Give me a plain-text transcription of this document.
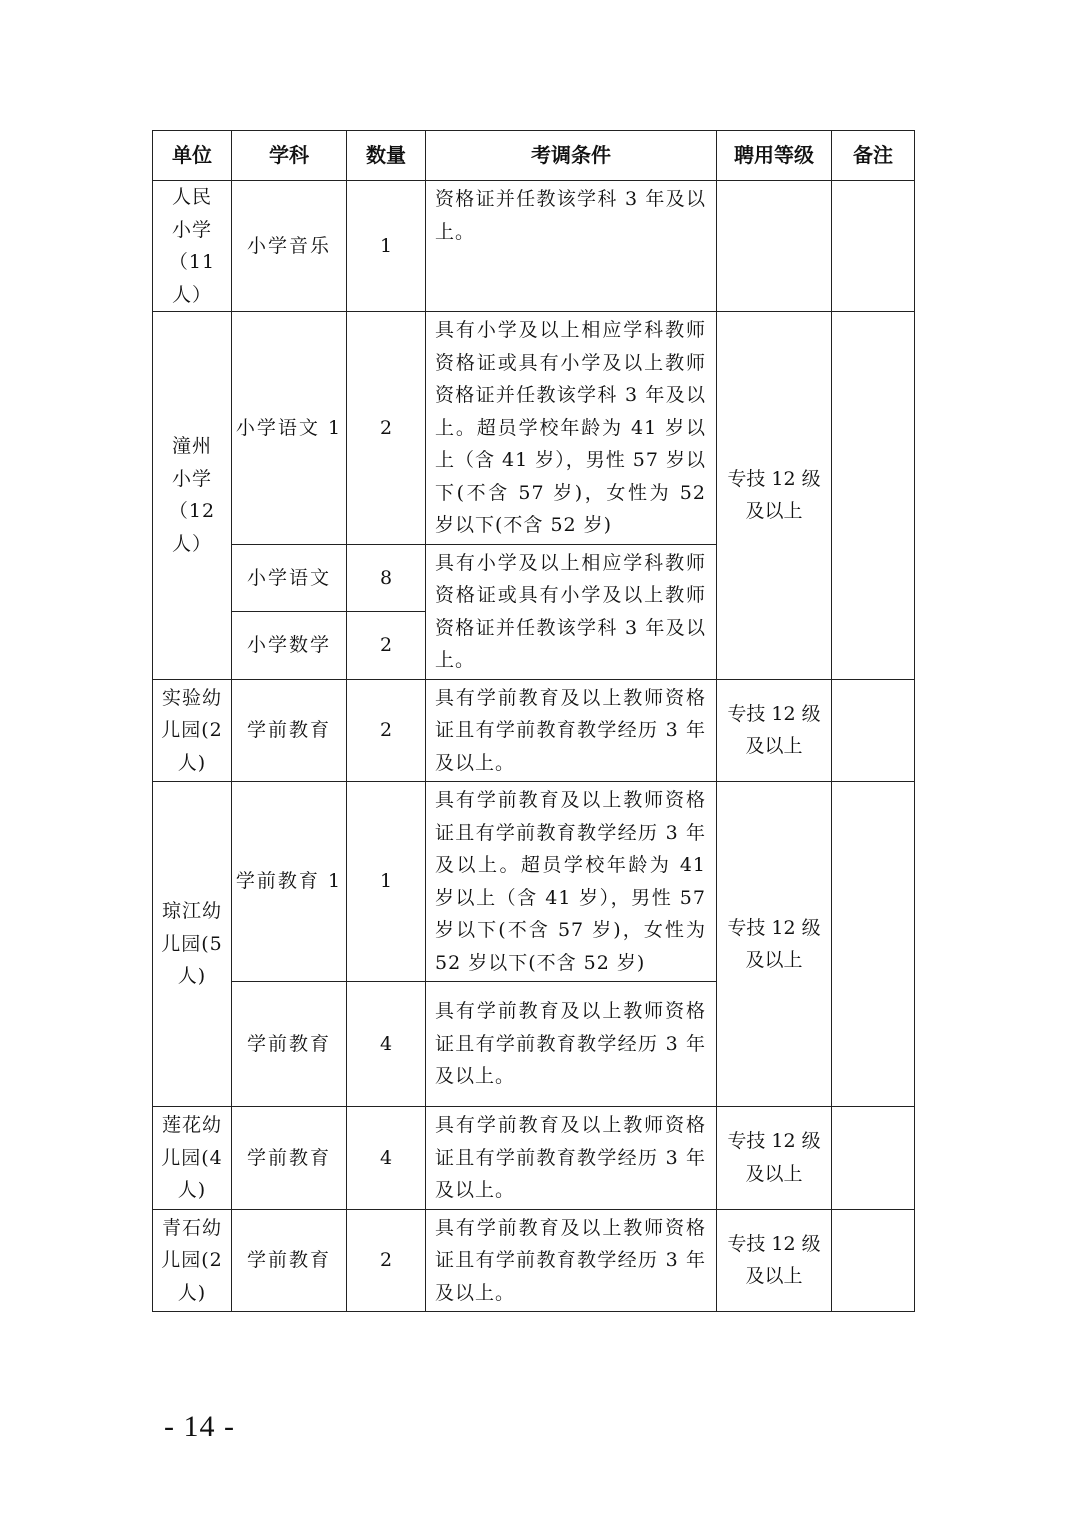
单位	学科	数量	考调条件	聘用等级	备注
人民
小学
（11
人）	小学音乐	1	资格证并任教该学科 3 年及以上。		
潼州
小学
（12
人）	小学语文 1	2	具有小学及以上相应学科教师资格证或具有小学及以上教师资格证并任教该学科 3 年及以上。超员学校年龄为 41 岁以上（含 41 岁），男性 57 岁以下(不含 57 岁)，女性为 52 岁以下(不含 52 岁)	专技 12 级
及以上	
	小学语文	8	具有小学及以上相应学科教师资格证或具有小学及以上教师资格证并任教该学科 3 年及以上。		
	小学数学	2			
实验幼
儿园(2
人)	学前教育	2	具有学前教育及以上教师资格证且有学前教育教学经历 3 年及以上。	专技 12 级
及以上	
琼江幼
儿园(5
人)	学前教育 1	1	具有学前教育及以上教师资格证且有学前教育教学经历 3 年及以上。超员学校年龄为 41 岁以上（含 41 岁），男性 57 岁以下(不含 57 岁)，女性为 52 岁以下(不含 52 岁)	专技 12 级
及以上	
	学前教育	4	具有学前教育及以上教师资格证且有学前教育教学经历 3 年及以上。		
莲花幼
儿园(4
人)	学前教育	4	具有学前教育及以上教师资格证且有学前教育教学经历 3 年及以上。	专技 12 级
及以上	
青石幼
儿园(2
人)	学前教育	2	具有学前教育及以上教师资格证且有学前教育教学经历 3 年及以上。	专技 12 级
及以上	
- 14 -
